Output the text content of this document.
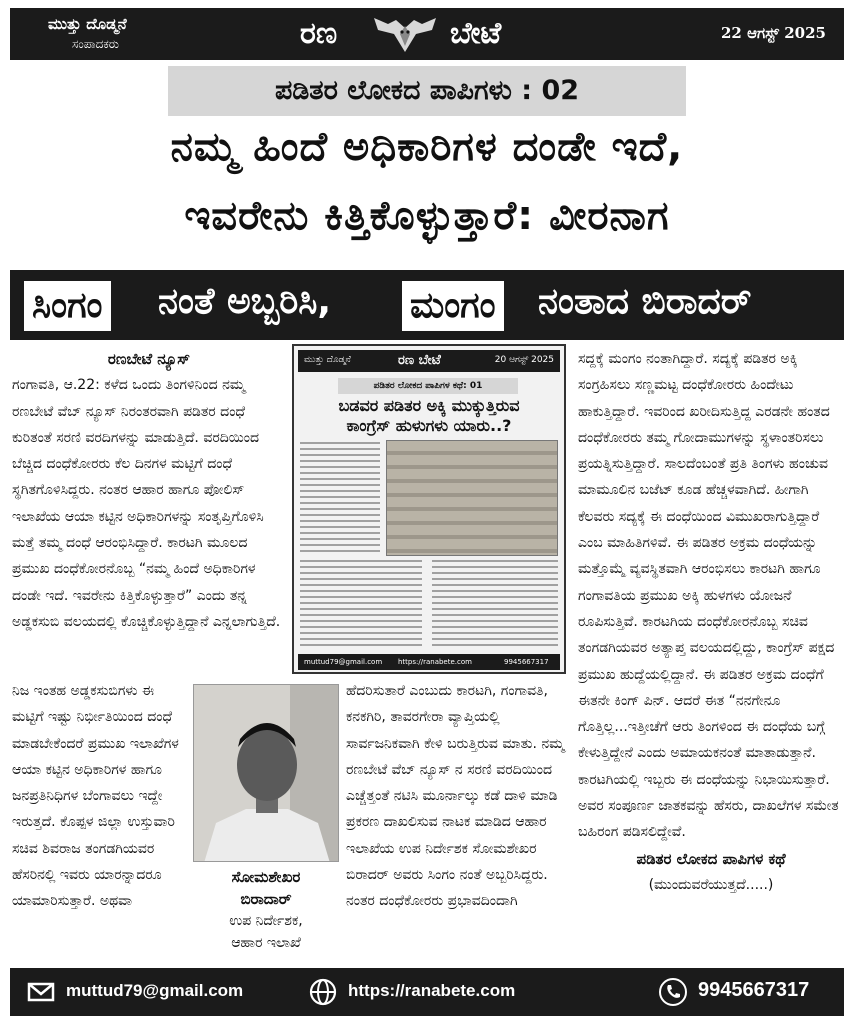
ಮುತ್ತು ದೊಡ್ಮನೆ
ಸಂಪಾದಕರು	ರಣ	ಬೇಟೆ	22 ಆಗಸ್ಟ್ 2025
ಪಡಿತರ ಲೋಕದ ಪಾಪಿಗಳು : 02
ನಮ್ಮ ಹಿಂದೆ ಅಧಿಕಾರಿಗಳ ದಂಡೇ ಇದೆ,
ಇವರೇನು ಕಿತ್ತಿಕೊಳ್ಳುತ್ತಾರೆ: ವೀರನಾಗ
ಸಿಂಗಂ ನಂತೆ ಅಬ್ಬರಿಸಿ, ಮಂಗಂ ನಂತಾದ ಬಿರಾದರ್

ರಣಬೇಟೆ ನ್ಯೂಸ್

ಗಂಗಾವತಿ, ಆ.22: ಕಳೆದ ಒಂದು ತಿಂಗಳಿನಿಂದ ನಮ್ಮ ರಣಬೇಟೆ ವೆಬ್ ನ್ಯೂಸ್ ನಿರಂತರವಾಗಿ ಪಡಿತರ ದಂಧೆ ಕುರಿತಂತೆ ಸರಣಿ ವರದಿಗಳನ್ನು ಮಾಡುತ್ತಿದೆ. ವರದಿಯಿಂದ ಬೆಚ್ಚಿದ ದಂಧೆಕೋರರು ಕೆಲ ದಿನಗಳ ಮಟ್ಟಿಗೆ ದಂಧೆ ಸ್ಥಗಿತಗೊಳಿಸಿದ್ದರು. ನಂತರ ಆಹಾರ ಹಾಗೂ ಪೋಲಿಸ್ ಇಲಾಖೆಯ ಆಯಾ ಕಟ್ಟಿನ ಅಧಿಕಾರಿಗಳನ್ನು ಸಂತೃಪ್ತಿಗೊಳಿಸಿ ಮತ್ತೆ ತಮ್ಮ ದಂಧೆ ಆರಂಭಿಸಿದ್ದಾರೆ. ಕಾರಟಗಿ ಮೂಲದ ಪ್ರಮುಖ ದಂಧೆಕೋರನೊಬ್ಬ “ನಮ್ಮ ಹಿಂದೆ ಅಧಿಕಾರಿಗಳ ದಂಡೇ ಇದೆ. ಇವರೇನು ಕಿತ್ತಿಕೊಳ್ಳುತ್ತಾರೆ” ಎಂದು ತನ್ನ ಅಡ್ಡಕಸುಬಿ ವಲಯದಲ್ಲಿ ಕೊಚ್ಚಿಕೊಳ್ಳುತ್ತಿದ್ದಾನೆ ಎನ್ನಲಾಗುತ್ತಿದೆ.

ಮುತ್ತು ದೊಡ್ಮನೆ	ರಣ ಬೇಟೆ	20 ಆಗಸ್ಟ್ 2025
ಪಡಿತರ ಲೋಕದ ಪಾಪಿಗಳ ಕಥೆ: 01
ಬಡವರ ಪಡಿತರ ಅಕ್ಕಿ ಮುಕ್ಕುತ್ತಿರುವ
ಕಾಂಗ್ರೆಸ್ ಹುಳುಗಳು ಯಾರು..?
muttud79@gmail.com https://ranabete.com	9945667317

ನಿಜ ಇಂತಹ ಅಡ್ಡಕಸುಬಿಗಳು ಈ ಮಟ್ಟಿಗೆ ಇಷ್ಟು ನಿರ್ಭೀತಿಯಿಂದ ದಂಧೆ ಮಾಡಬೇಕೆಂದರೆ ಪ್ರಮುಖ ಇಲಾಖೆಗಳ ಆಯಾ ಕಟ್ಟಿನ ಅಧಿಕಾರಿಗಳ ಹಾಗೂ ಜನಪ್ರತಿನಿಧಿಗಳ ಬೆಂಗಾವಲು ಇದ್ದೇ ಇರುತ್ತದೆ. ಕೊಪ್ಪಳ ಜಿಲ್ಲಾ ಉಸ್ತುವಾರಿ ಸಚಿವ ಶಿವರಾಜ ತಂಗಡಗಿಯವರ ಹೆಸರಿನಲ್ಲಿ ಇವರು ಯಾರನ್ನಾದರೂ ಯಾಮಾರಿಸುತ್ತಾರೆ. ಅಥವಾ

ಸೋಮಶೇಖರ
ಬಿರಾದಾರ್
ಉಪ ನಿರ್ದೇಶಕ,
ಆಹಾರ ಇಲಾಖೆ

ಹೆದರಿಸುತಾರೆ ಎಂಬುದು ಕಾರಟಗಿ, ಗಂಗಾವತಿ, ಕನಕಗಿರಿ, ತಾವರಗೇರಾ ವ್ಯಾಪ್ತಿಯಲ್ಲಿ ಸಾರ್ವಜನಿಕವಾಗಿ ಕೇಳಿ ಬರುತ್ತಿರುವ ಮಾತು. ನಮ್ಮ ರಣಬೇಟೆ ವೆಬ್ ನ್ಯೂಸ್ ನ ಸರಣಿ ವರದಿಯಿಂದ ಎಚ್ಚೆತ್ತಂತೆ ನಟಿಸಿ ಮೂರ್ನಾಲ್ಕು ಕಡೆ ದಾಳಿ ಮಾಡಿ ಪ್ರಕರಣ ದಾಖಲಿಸುವ ನಾಟಕ ಮಾಡಿದ ಆಹಾರ ಇಲಾಖೆಯ ಉಪ ನಿರ್ದೇಶಕ ಸೋಮಶೇಖರ ಬಿರಾದರ್ ಅವರು ಸಿಂಗಂ ನಂತೆ ಅಬ್ಬರಿಸಿದ್ದರು. ನಂತರ ದಂಧೆಕೋರರು ಪ್ರಭಾವದಿಂದಾಗಿ

ಸದ್ದಕ್ಕೆ ಮಂಗಂ ನಂತಾಗಿದ್ದಾರೆ. ಸದ್ಯಕ್ಕೆ ಪಡಿತರ ಅಕ್ಕಿ ಸಂಗ್ರಹಿಸಲು ಸಣ್ಣಮಟ್ಟ ದಂಧೆಕೋರರು ಹಿಂದೇಟು ಹಾಕುತ್ತಿದ್ದಾರೆ. ಇವರಿಂದ ಖರೀದಿಸುತ್ತಿದ್ದ ಎರಡನೇ ಹಂತದ ದಂಧೆಕೋರರು ತಮ್ಮ ಗೋದಾಮುಗಳನ್ನು ಸ್ಥಳಾಂತರಿಸಲು ಪ್ರಯತ್ನಿಸುತ್ತಿದ್ದಾರೆ. ಸಾಲದೆಂಬಂತೆ ಪ್ರತಿ ತಿಂಗಳು ಹಂಚುವ ಮಾಮೂಲಿನ ಬಜೆಟ್ ಕೂಡ ಹೆಚ್ಚಳವಾಗಿದೆ. ಹೀಗಾಗಿ ಕೆಲವರು ಸದ್ಯಕ್ಕೆ ಈ ದಂಧೆಯಿಂದ ವಿಮುಖರಾಗುತ್ತಿದ್ದಾರೆ ಎಂಬ ಮಾಹಿತಿಗಳಿವೆ. ಈ ಪಡಿತರ ಅಕ್ರಮ ದಂಧೆಯನ್ನು ಮತ್ತೊಮ್ಮೆ ವ್ಯವಸ್ಥಿತವಾಗಿ ಆರಂಭಿಸಲು ಕಾರಟಗಿ ಹಾಗೂ ಗಂಗಾವತಿಯ ಪ್ರಮುಖ ಅಕ್ಕಿ ಹುಳಗಳು ಯೋಜನೆ ರೂಪಿಸುತ್ತಿವೆ. ಕಾರಟಗಿಯ ದಂಧೆಕೋರನೊಬ್ಬ ಸಚಿವ ತಂಗಡಗಿಯವರ ಅತ್ಯಾಪ್ತ ವಲಯದಲ್ಲಿದ್ದು, ಕಾಂಗ್ರೆಸ್ ಪಕ್ಷದ ಪ್ರಮುಖ ಹುದ್ದೆಯಲ್ಲಿದ್ದಾನೆ. ಈ ಪಡಿತರ ಅಕ್ರಮ ದಂಧೆಗೆ ಈತನೇ ಕಿಂಗ್ ಪಿನ್. ಆದರೆ ಈತ “ನನಗೇನೂ ಗೊತ್ತಿಲ್ಲ...ಇತ್ತೀಚೆಗೆ ಆರು ತಿಂಗಳಿಂದ ಈ ದಂಧೆಯ ಬಗ್ಗೆ ಕೇಳುತ್ತಿದ್ದೇನೆ ಎಂದು ಅಮಾಯಕನಂತೆ ಮಾತಾಡುತ್ತಾನೆ. ಕಾರಟಗಿಯಲ್ಲಿ ಇಬ್ಬರು ಈ ದಂಧೆಯನ್ನು ನಿಭಾಯಿಸುತ್ತಾರೆ. ಅವರ ಸಂಪೂರ್ಣ ಜಾತಕವನ್ನು ಹೆಸರು, ದಾಖಲೆಗಳ ಸಮೇತ ಬಹಿರಂಗ ಪಡಿಸಲಿದ್ದೇವೆ.

ಪಡಿತರ ಲೋಕದ ಪಾಪಿಗಳ ಕಥೆ

(ಮುಂದುವರೆಯುತ್ತದೆ.....)

muttud79@gmail.com	https://ranabete.com	9945667317
